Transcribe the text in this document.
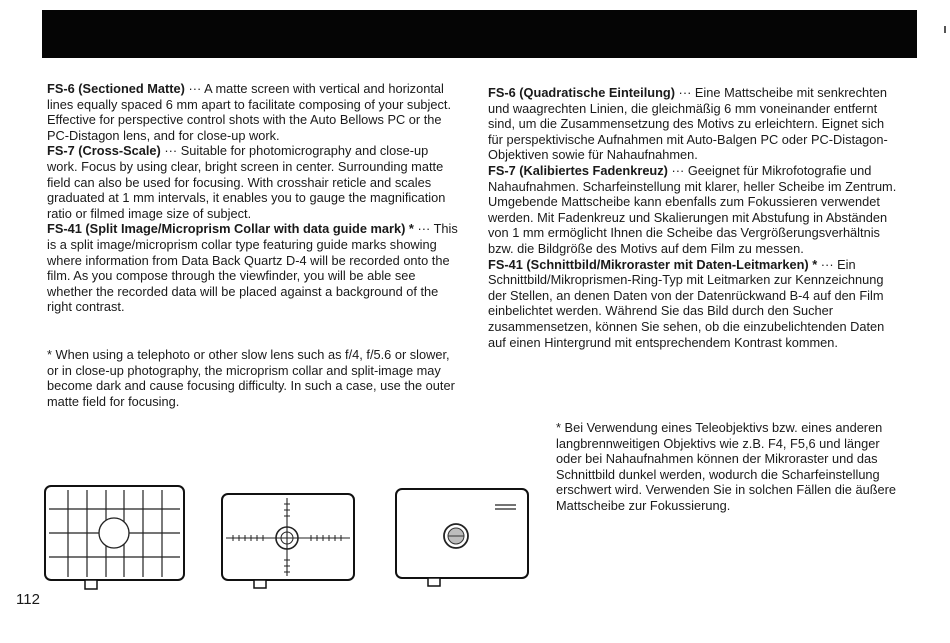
FS-6 (Sectioned Matte) ··· A matte screen with vertical and horizontal lines equally spaced 6 mm apart to facilitate composing of your subject. Effective for perspective control shots with the Auto Bellows PC or the PC-Distagon lens, and for close-up work.

FS-7 (Cross-Scale) ··· Suitable for photomicrography and close-up work. Focus by using clear, bright screen in center. Surrounding matte field can also be used for focusing. With crosshair reticle and scales graduated at 1 mm intervals, it enables you to gauge the magnification ratio or filmed image size of subject.

FS-41 (Split Image/Microprism Collar with data guide mark) * ··· This is a split image/microprism collar type featuring guide marks showing where information from Data Back Quartz D-4 will be recorded onto the film. As you compose through the viewfinder, you will be able see whether the recorded data will be placed against a background of the right contrast.

* When using a telephoto or other slow lens such as f/4, f/5.6 or slower, or in close-up photography, the microprism collar and split-image may become dark and cause focusing difficulty. In such a case, use the outer matte field for focusing.

FS-6 (Quadratische Einteilung) ··· Eine Mattscheibe mit senkrechten und waagrechten Linien, die gleichmäßig 6 mm voneinander entfernt sind, um die Zusammensetzung des Motivs zu erleichtern. Eignet sich für perspektivische Aufnahmen mit Auto-Balgen PC oder PC-Distagon-Objektiven sowie für Nahaufnahmen.

FS-7 (Kalibiertes Fadenkreuz) ··· Geeignet für Mikrofotografie und Nahaufnahmen. Scharfeinstellung mit klarer, heller Scheibe im Zentrum. Umgebende Mattscheibe kann ebenfalls zum Fokussieren verwendet werden. Mit Fadenkreuz und Skalierungen mit Abstufung in Abständen von 1 mm ermöglicht Ihnen die Scheibe das Vergrößerungsverhältnis bzw. die Bildgröße des Motivs auf dem Film zu messen.

FS-41 (Schnittbild/Mikroraster mit Daten-Leitmarken) * ··· Ein Schnittbild/Mikroprismen-Ring-Typ mit Leitmarken zur Kennzeichnung der Stellen, an denen Daten von der Datenrückwand B-4 auf den Film einbelichtet werden. Während Sie das Bild durch den Sucher zusammensetzen, können Sie sehen, ob die einzubelichtenden Daten auf einen Hintergrund mit entsprechendem Kontrast kommen.

* Bei Verwendung eines Teleobjektivs bzw. eines anderen langbrennweitigen Objektivs wie z.B. F4, F5,6 und länger oder bei Nahaufnahmen können der Mikroraster und das Schnittbild dunkel werden, wodurch die Scharfeinstellung erschwert wird. Verwenden Sie in solchen Fällen die äußere Mattscheibe zur Fokussierung.
112
